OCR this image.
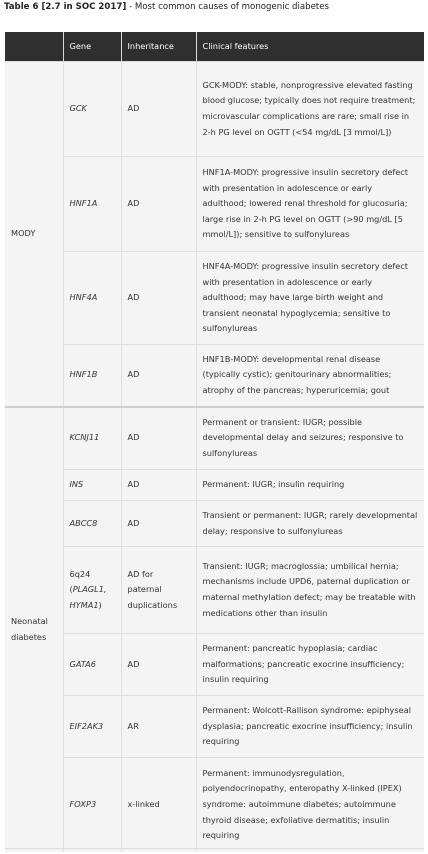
Table 6 [2.7 in SOC 2017] - Most common causes of monogenic diabetes
	Gene	Inheritance	Clinical features
MODY	GCK	AD	GCK-MODY: stable, nonprogressive elevated fasting blood glucose; typically does not require treatment; microvascular complications are rare; small rise in 2-h PG level on OGTT (<54 mg/dL [3 mmol/L])
	HNF1A	AD	HNF1A-MODY: progressive insulin secretory defect with presentation in adolescence or early adulthood; lowered renal threshold for glucosuria; large rise in 2-h PG level on OGTT (>90 mg/dL [5 mmol/L]); sensitive to sulfonylureas
	HNF4A	AD	HNF4A-MODY: progressive insulin secretory defect with presentation in adolescence or early adulthood; may have large birth weight and transient neonatal hypoglycemia; sensitive to sulfonylureas
	HNF1B	AD	HNF1B-MODY: developmental renal disease (typically cystic); genitourinary abnormalities; atrophy of the pancreas; hyperuricemia; gout
Neonatal diabetes	KCNJ11	AD	Permanent or transient: IUGR; possible developmental delay and seizures; responsive to sulfonylureas
	INS	AD	Permanent: IUGR; insulin requiring
	ABCC8	AD	Transient or permanent: IUGR; rarely developmental delay; responsive to sulfonylureas
	6q24 (PLAGL1, HYMA1)	AD for paternal duplications	Transient: IUGR; macroglossia; umbilical hernia; mechanisms include UPD6, paternal duplication or maternal methylation defect; may be treatable with medications other than insulin
	GATA6	AD	Permanent: pancreatic hypoplasia; cardiac malformations; pancreatic exocrine insufficiency; insulin requiring
	EIF2AK3	AR	Permanent: Wolcott-Rallison syndrome: epiphyseal dysplasia; pancreatic exocrine insufficiency; insulin requiring
	FOXP3	x-linked	Permanent: immunodysregulation, polyendocrinopathy, enteropathy X-linked (IPEX) syndrome: autoimmune diabetes; autoimmune thyroid disease; exfoliative dermatitis; insulin requiring
